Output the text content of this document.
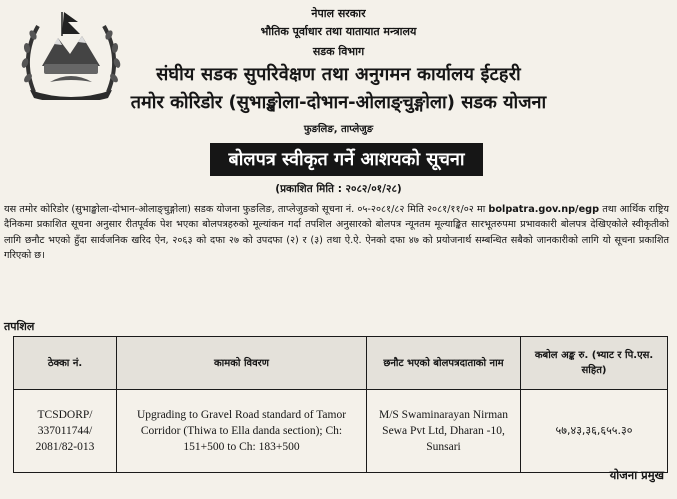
नेपाल सरकार
भौतिक पूर्वाधार तथा यातायात मन्त्रालय
सडक विभाग
संघीय सडक सुपरिवेक्षण तथा अनुगमन कार्यालय ईटहरी
तमोर कोरिडोर (सुभाङ्खोला-दोभान-ओलाङ्चुङ्गोला) सडक योजना
फुङलिङ, ताप्लेजुङ
बोलपत्र स्वीकृत गर्ने आशयको सूचना
(प्रकाशित मिति : २०८२/०१/२८)
यस तमोर कोरिडोर (सुभाङ्खोला-दोभान-ओलाङ्चुङ्गोला) सडक योजना फुङलिङ, ताप्लेजुङको सूचना नं. ०५-२०८१/८२ मिति २०८१/११/०२ मा bolpatra.gov.np/egp तथा आर्थिक राष्ट्रिय दैनिकमा प्रकाशित सूचना अनुसार रीतपूर्वक पेश भएका बोलपत्रहरुको मूल्यांकन गर्दा तपशिल अनुसारको बोलपत्र न्यूनतम मूल्याङ्कित सारभूतरुपमा प्रभावकारी बोलपत्र देखिएकोले स्वीकृतीको लागि छनौट भएको हुँदा सार्वजनिक खरिद ऐन, २०६३ को दफा २७ को उपदफा (२) र (३) तथा ऐ.ऐ. ऐनको दफा ४७ को प्रयोजनार्थ सम्बन्धित सबैको जानकारीको लागि यो सूचना प्रकाशित गरिएको छ।
तपशिल
ठेक्का नं.	कामको विवरण	छनौट भएको बोलपत्रदाताको नाम	कबोल अङ्क रु. (भ्याट र पि.एस. सहित)
TCSDORP/ 337011744/ 2081/82-013	Upgrading to Gravel Road standard of Tamor Corridor (Thiwa to Ella danda section); Ch: 151+500 to Ch: 183+500	M/S Swaminarayan Nirman Sewa Pvt Ltd, Dharan -10, Sunsari	५७,४३,३६,६५५.३०
योजना प्रमुख
